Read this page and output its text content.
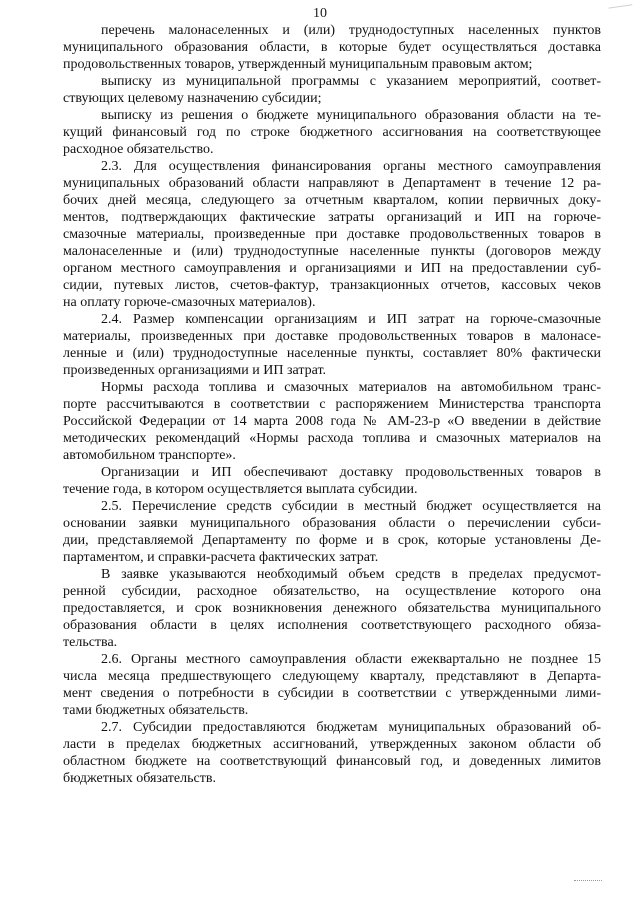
10
перечень малонаселенных и (или) труднодоступных населенных пунктов
муниципального образования области, в которые будет осуществляться доставка
продовольственных товаров, утвержденный муниципальным правовым актом;
выписку из муниципальной программы с указанием мероприятий, соответ-
ствующих целевому назначению субсидии;
выписку из решения о бюджете муниципального образования области на те-
кущий финансовый год по строке бюджетного ассигнования на соответствующее
расходное обязательство.
2.3. Для осуществления финансирования органы местного самоуправления
муниципальных образований области направляют в Департамент в течение 12 ра-
бочих дней месяца, следующего за отчетным кварталом, копии первичных доку-
ментов, подтверждающих фактические затраты организаций и ИП на горюче-
смазочные материалы, произведенные при доставке продовольственных товаров в
малонаселенные и (или) труднодоступные населенные пункты (договоров между
органом местного самоуправления и организациями и ИП на предоставлении суб-
сидии, путевых листов, счетов-фактур, транзакционных отчетов, кассовых чеков
на оплату горюче-смазочных материалов).
2.4. Размер компенсации организациям и ИП затрат на горюче-смазочные
материалы, произведенных при доставке продовольственных товаров в малонасе-
ленные и (или) труднодоступные населенные пункты, составляет 80% фактически
произведенных организациями и ИП затрат.
Нормы расхода топлива и смазочных материалов на автомобильном транс-
порте рассчитываются в соответствии с распоряжением Министерства транспорта
Российской Федерации от 14 марта 2008 года № АМ-23-р «О введении в действие
методических рекомендаций «Нормы расхода топлива и смазочных материалов на
автомобильном транспорте».
Организации и ИП обеспечивают доставку продовольственных товаров в
течение года, в котором осуществляется выплата субсидии.
2.5. Перечисление средств субсидии в местный бюджет осуществляется на
основании заявки муниципального образования области о перечислении субси-
дии, представляемой Департаменту по форме и в срок, которые установлены Де-
партаментом, и справки-расчета фактических затрат.
В заявке указываются необходимый объем средств в пределах предусмот-
ренной субсидии, расходное обязательство, на осуществление которого она
предоставляется, и срок возникновения денежного обязательства муниципального
образования области в целях исполнения соответствующего расходного обяза-
тельства.
2.6. Органы местного самоуправления области ежеквартально не позднее 15
числа месяца предшествующего следующему кварталу, представляют в Департа-
мент сведения о потребности в субсидии в соответствии с утвержденными лими-
тами бюджетных обязательств.
2.7. Субсидии предоставляются бюджетам муниципальных образований об-
ласти в пределах бюджетных ассигнований, утвержденных законом области об
областном бюджете на соответствующий финансовый год, и доведенных лимитов
бюджетных обязательств.
